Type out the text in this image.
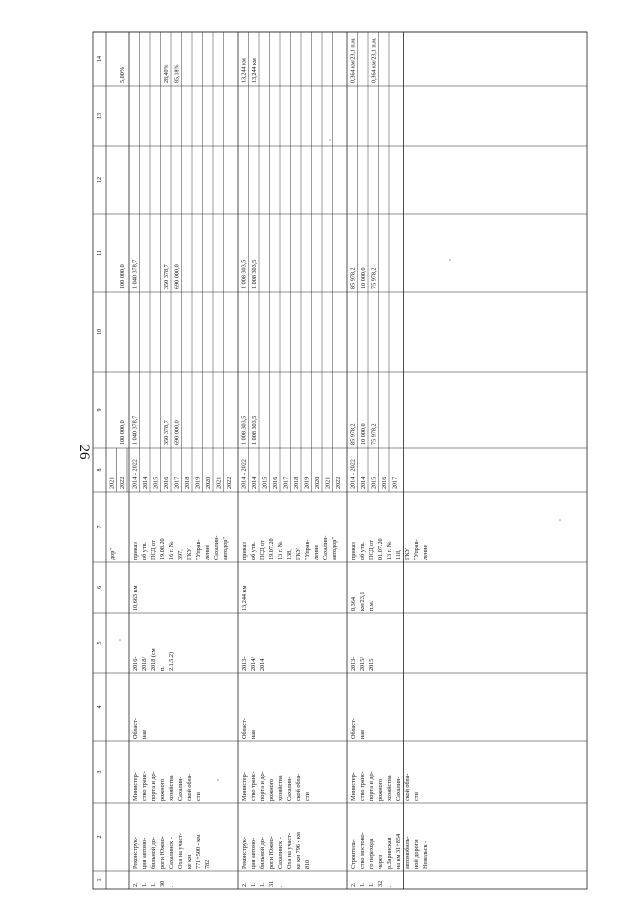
1
2
3
4
5
6
7
8
9
10
11
12
13
14
дор"
2021 2022
100 000,0
100 000,0
5,00%
2. 1. 1. 30 .
Реконструк- ция автомо- бильной до- роги Южно- Сахалинск - Оха на участ- ке км 771+500 - км 782
Министер- ство транс- порта и до- рожного хозяйства Сахалин- ской обла- сти
Област- ная
2016- 2018/ 2018 (см п. 2.1.5.2)
10,663 км
приказ об утв. ПСД от 19.08.20 16 г. № 397, ГКУ "Управ- ление Сахалин- автодор"
2014 - 2022
1 040 378,7
1 040 378,7
2014 2015 2016
350 378,7
350 378,7
28,40%
2017
690 000,0
690 000,0
85,18%
2018 2019 2020 2021 2022
2. 1. 1. 31 .
Реконструк- ция автомо- бильной до- роги Южно- Сахалинск - Оха на участ- ке км 796 - км 810
Министер- ство транс- порта и до- рожного хозяйства Сахалин- ской обла- сти
Област- ная
2013- 2014/ 2014
13,244 км
приказ об утв. ПСД от 19.07.20 13 г. № 138, ГКУ "Управ- ление Сахалин- автодор"
2014 - 2022
1 008 303,5
1 008 303,5
13,244 км
2014
1 008 303,5
1 008 303,5
13,244 км
2015 2016 2017 2018 2019 2020 2021 2022
2. 1. 1. 32 .
Строитель- ство мостово- го перехода через р.Заринская на км 31+854 автомобиль- ной дороги Невельск -
Министер- ство транс- порта и до- рожного хозяйства Сахалин- ской обла- сти
Област- ная
2013- 2015/ 2015
0,364 км/23,1 п.м.
приказ об утв. ПСД от 01.07.20 13 г. № 118, ГКУ "Управ- ление
2014 - 2022
85 978,2
85 978,2
0,364 км/23,1 п.м.
2014
10 000,0
10 000,0
2015
75 978,2
75 978,2
0,364 км/23,1 п.м.
2016 2017
26
